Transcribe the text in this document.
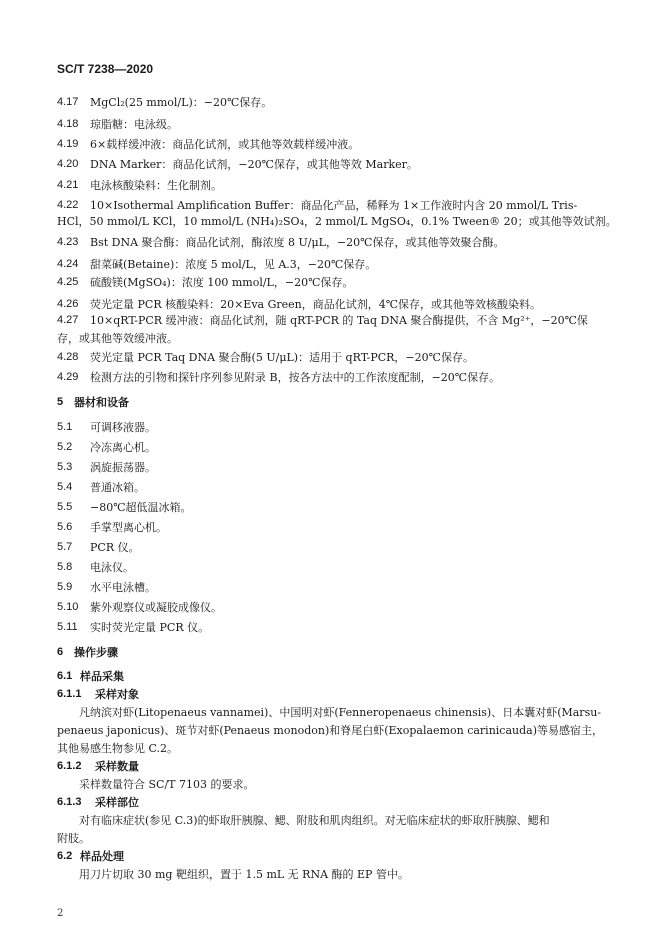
SC/T 7238—2020
4.17 MgCl₂(25 mmol/L)：−20℃保存。
4.18 琼脂糖：电泳级。
4.19 6×载样缓冲液：商品化试剂，或其他等效载样缓冲液。
4.20 DNA Marker：商品化试剂，−20℃保存，或其他等效 Marker。
4.21 电泳核酸染料：生化制剂。
4.22 10×Isothermal Amplification Buffer：商品化产品，稀释为 1×工作液时内含 20 mmol/L Tris-
HCl，50 mmol/L KCl，10 mmol/L (NH₄)₂SO₄，2 mmol/L MgSO₄，0.1% Tween® 20；或其他等效试剂。
4.23 Bst DNA 聚合酶：商品化试剂，酶浓度 8 U/μL，−20℃保存，或其他等效聚合酶。
4.24 甜菜碱(Betaine)：浓度 5 mol/L，见 A.3，−20℃保存。
4.25 硫酸镁(MgSO₄)：浓度 100 mmol/L，−20℃保存。
4.26 荧光定量 PCR 核酸染料：20×Eva Green，商品化试剂，4℃保存，或其他等效核酸染料。
4.27 10×qRT-PCR 缓冲液：商品化试剂，随 qRT-PCR 的 Taq DNA 聚合酶提供，不含 Mg²⁺，−20℃保
存，或其他等效缓冲液。
4.28 荧光定量 PCR Taq DNA 聚合酶(5 U/μL)：适用于 qRT-PCR，−20℃保存。
4.29 检测方法的引物和探针序列参见附录 B，按各方法中的工作浓度配制，−20℃保存。
5 器材和设备
5.1 可调移液器。
5.2 冷冻离心机。
5.3 涡旋振荡器。
5.4 普通冰箱。
5.5 −80℃超低温冰箱。
5.6 手掌型离心机。
5.7 PCR 仪。
5.8 电泳仪。
5.9 水平电泳槽。
5.10 紫外观察仪或凝胶成像仪。
5.11 实时荧光定量 PCR 仪。
6 操作步骤
6.1 样品采集
6.1.1 采样对象
凡纳滨对虾(Litopenaeus vannamei)、中国明对虾(Fenneropenaeus chinensis)、日本囊对虾(Marsu-
penaeus japonicus)、斑节对虾(Penaeus monodon)和脊尾白虾(Exopalaemon carinicauda)等易感宿主，
其他易感生物参见 C.2。
6.1.2 采样数量
采样数量符合 SC/T 7103 的要求。
6.1.3 采样部位
对有临床症状(参见 C.3)的虾取肝胰腺、鳃、附肢和肌肉组织。对无临床症状的虾取肝胰腺、鳃和
附肢。
6.2 样品处理
用刀片切取 30 mg 靶组织，置于 1.5 mL 无 RNA 酶的 EP 管中。
2
